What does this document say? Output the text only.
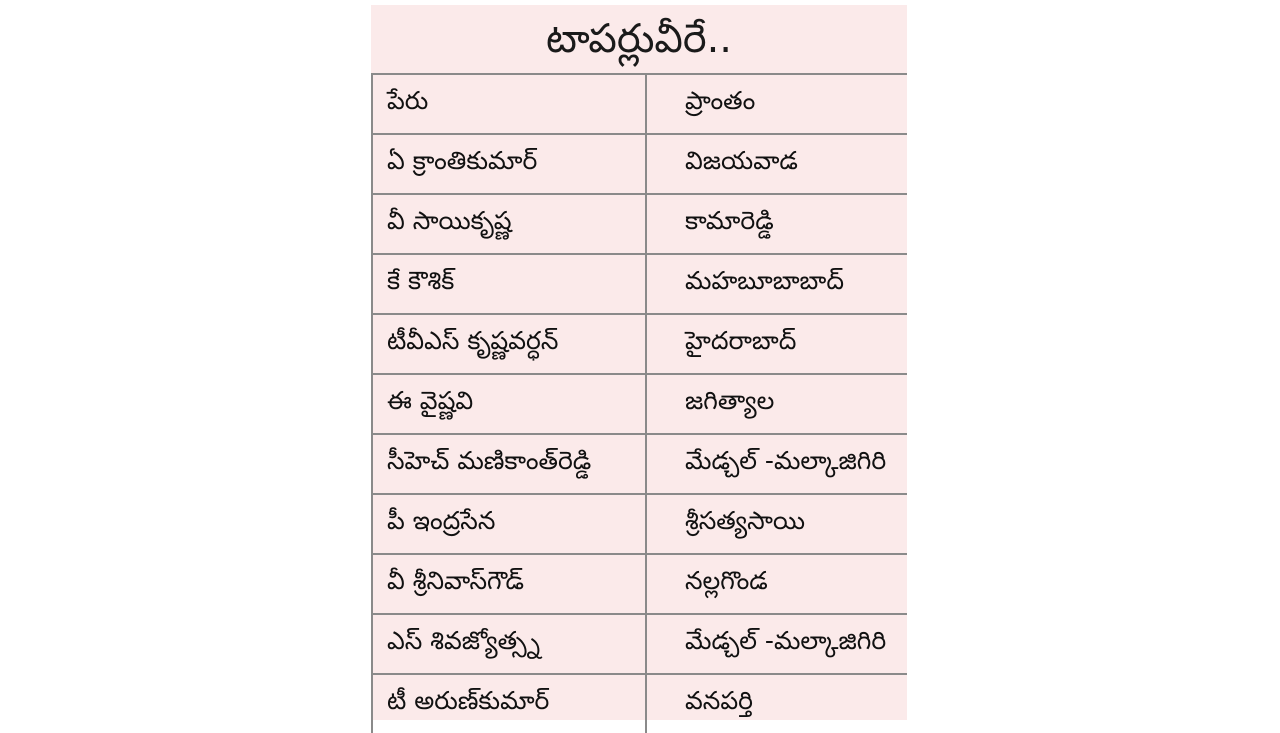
టాపర్లువీరే..
పేరు	ప్రాంతం
ఏ క్రాంతికుమార్	విజయవాడ
వీ సాయికృష్ణ	కామారెడ్డి
కే కౌశిక్	మహబూబాబాద్
టీవీఎస్ కృష్ణవర్ధన్	హైదరాబాద్
ఈ వైష్ణవి	జగిత్యాల
సీహెచ్ మణికాంత్‌రెడ్డి	మేడ్చల్ -మల్కాజిగిరి
పీ ఇంద్రసేన	శ్రీసత్యసాయి
వీ శ్రీనివాస్‌గౌడ్	నల్లగొండ
ఎస్ శివజ్యోత్స్న	మేడ్చల్ -మల్కాజిగిరి
టీ అరుణ్‌కుమార్	వనపర్తి
